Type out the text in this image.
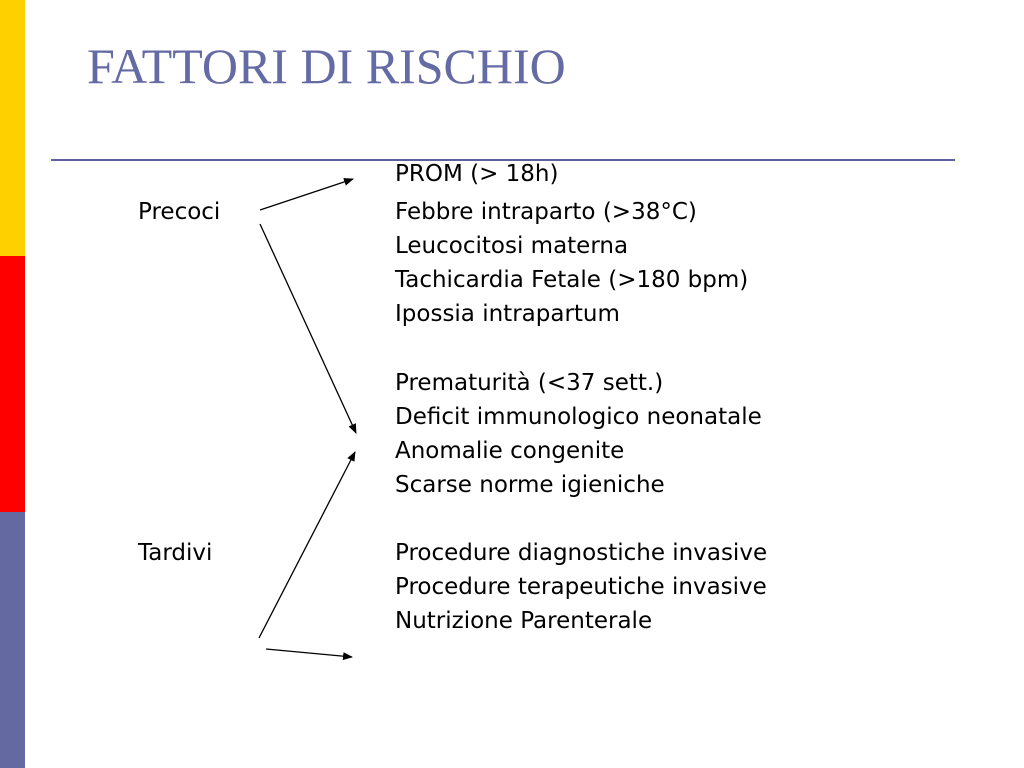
FATTORI DI RISCHIO
Precoci
Tardivi
PROM (> 18h)
Febbre intraparto (>38°C)
Leucocitosi materna
Tachicardia Fetale (>180 bpm)
Ipossia intrapartum
Prematurità (<37 sett.)
Deficit immunologico neonatale
Anomalie congenite
Scarse norme igieniche
Procedure diagnostiche invasive
Procedure terapeutiche invasive
Nutrizione Parenterale
